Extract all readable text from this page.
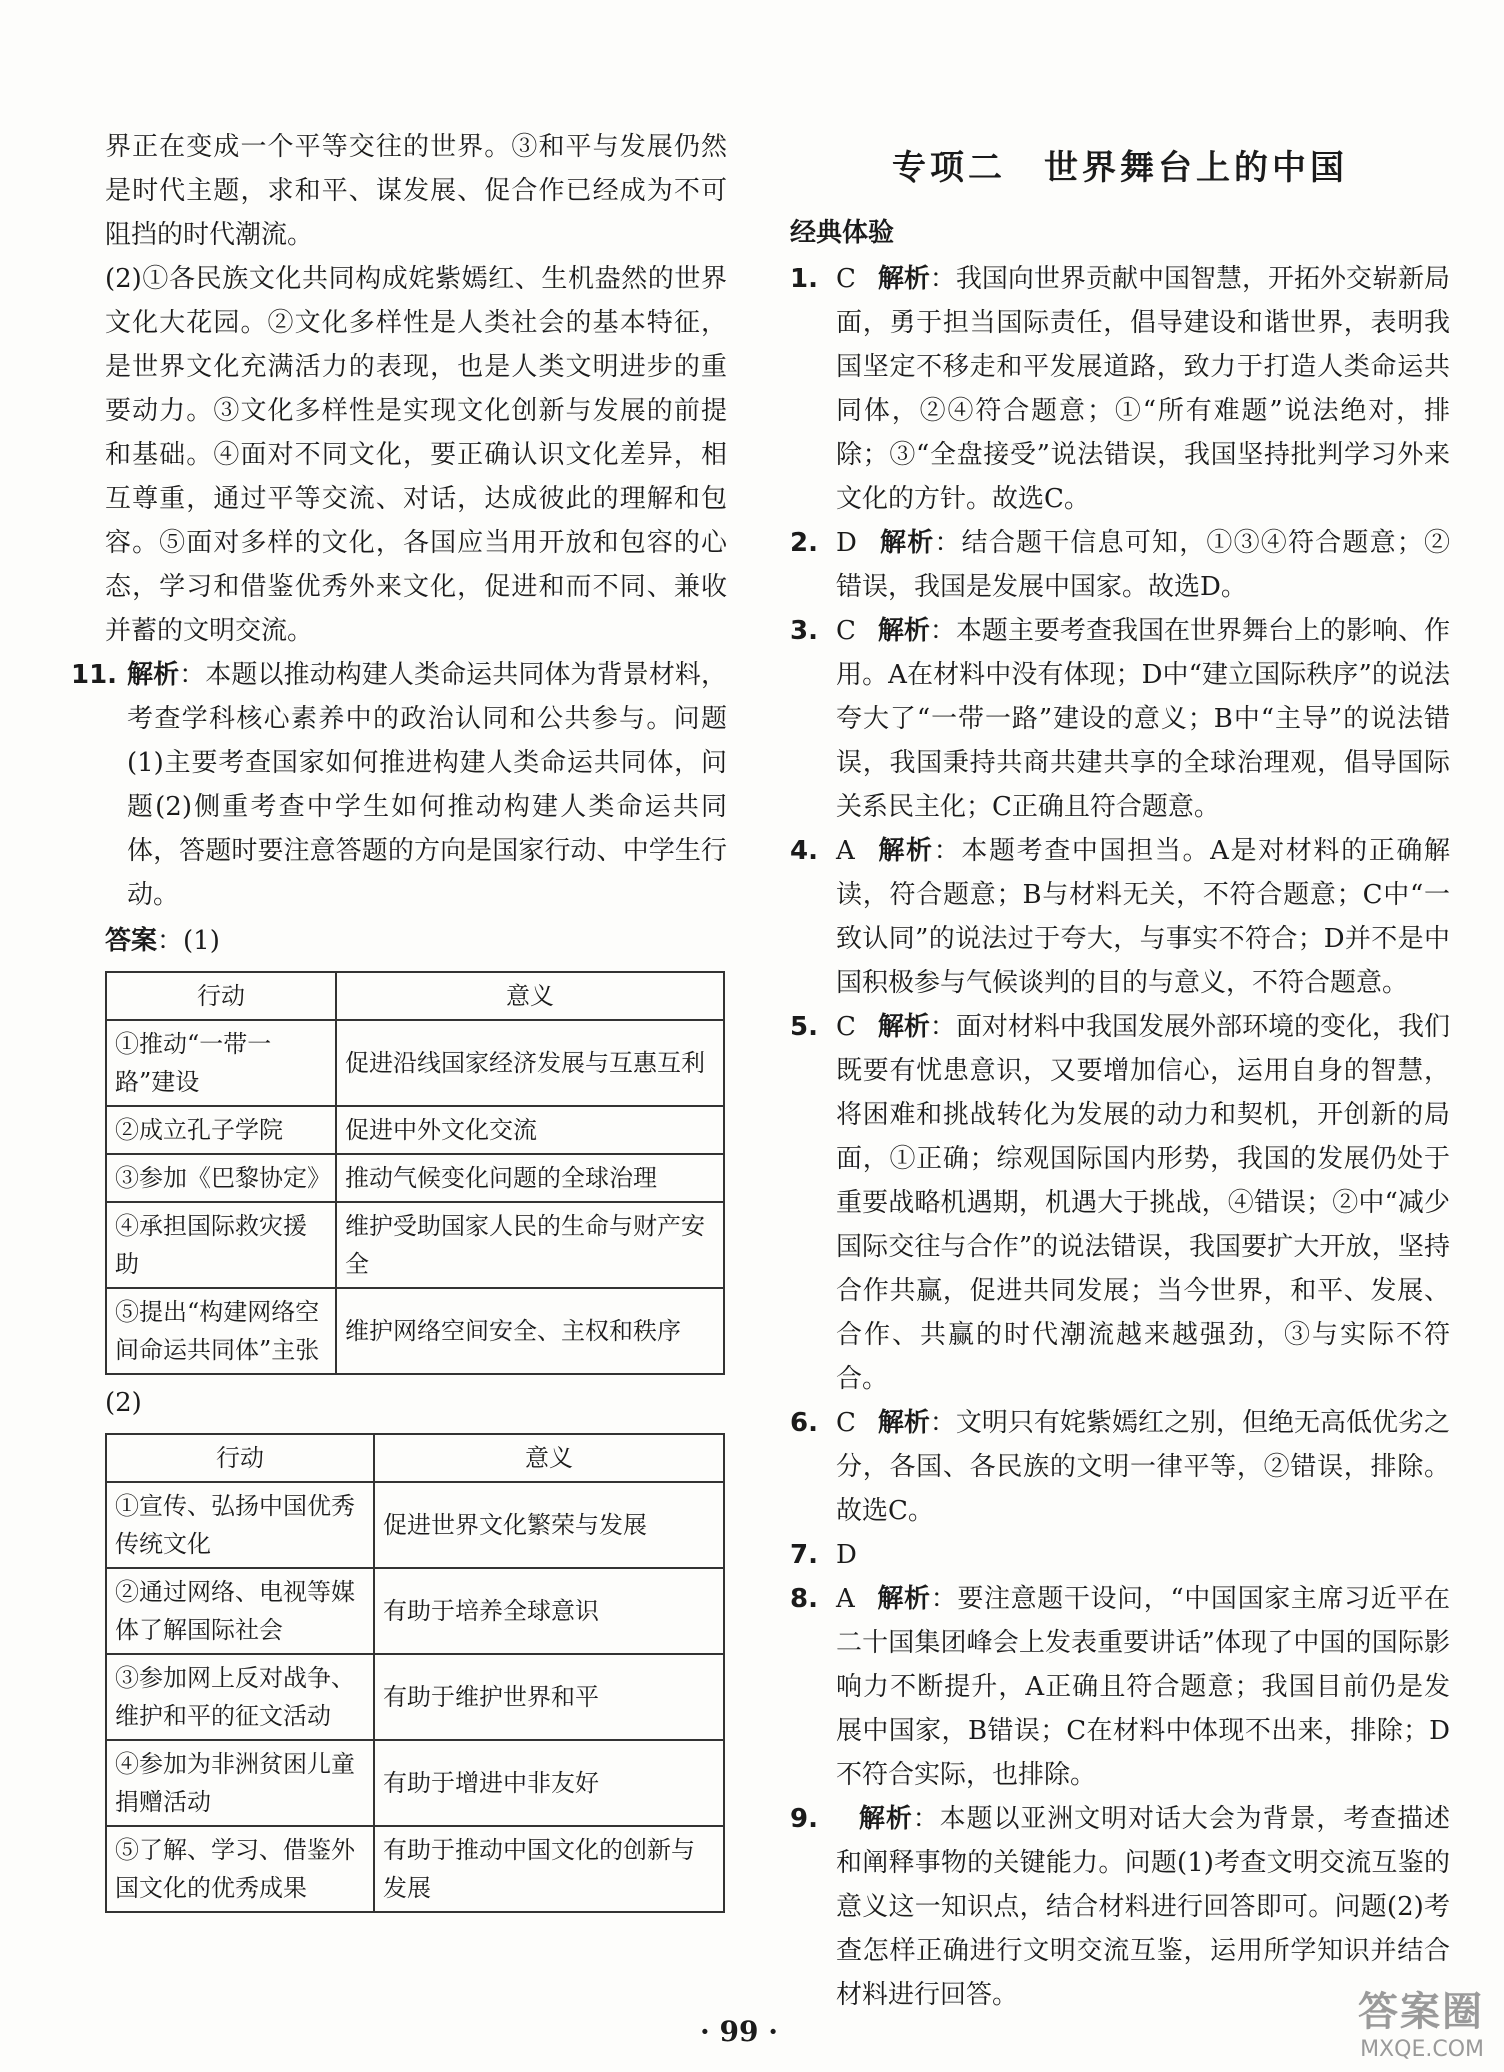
界正在变成一个平等交往的世界。③和平与发展仍然是时代主题，求和平、谋发展、促合作已经成为不可阻挡的时代潮流。

(2)①各民族文化共同构成姹紫嫣红、生机盎然的世界文化大花园。②文化多样性是人类社会的基本特征，是世界文化充满活力的表现，也是人类文明进步的重要动力。③文化多样性是实现文化创新与发展的前提和基础。④面对不同文化，要正确认识文化差异，相互尊重，通过平等交流、对话，达成彼此的理解和包容。⑤面对多样的文化，各国应当用开放和包容的心态，学习和借鉴优秀外来文化，促进和而不同、兼收并蓄的文明交流。

11. 解析：本题以推动构建人类命运共同体为背景材料，考查学科核心素养中的政治认同和公共参与。问题(1)主要考查国家如何推进构建人类命运共同体，问题(2)侧重考查中学生如何推动构建人类命运共同体，答题时要注意答题的方向是国家行动、中学生行动。
答案：(1)
行动	意义
①推动“一带一路”建设	促进沿线国家经济发展与互惠互利
②成立孔子学院	促进中外文化交流
③参加《巴黎协定》	推动气候变化问题的全球治理
④承担国际救灾援助	维护受助国家人民的生命与财产安全
⑤提出“构建网络空间命运共同体”主张	维护网络空间安全、主权和秩序
(2)
行动	意义
①宣传、弘扬中国优秀传统文化	促进世界文化繁荣与发展
②通过网络、电视等媒体了解国际社会	有助于培养全球意识
③参加网上反对战争、维护和平的征文活动	有助于维护世界和平
④参加为非洲贫困儿童捐赠活动	有助于增进中非友好
⑤了解、学习、借鉴外国文化的优秀成果	有助于推动中国文化的创新与发展
专项二　世界舞台上的中国
经典体验
1. C 解析：我国向世界贡献中国智慧，开拓外交崭新局面，勇于担当国际责任，倡导建设和谐世界，表明我国坚定不移走和平发展道路，致力于打造人类命运共同体，②④符合题意；①“所有难题”说法绝对，排除；③“全盘接受”说法错误，我国坚持批判学习外来文化的方针。故选C。
2. D 解析：结合题干信息可知，①③④符合题意；②错误，我国是发展中国家。故选D。
3. C 解析：本题主要考查我国在世界舞台上的影响、作用。A在材料中没有体现；D中“建立国际秩序”的说法夸大了“一带一路”建设的意义；B中“主导”的说法错误，我国秉持共商共建共享的全球治理观，倡导国际关系民主化；C正确且符合题意。
4. A 解析：本题考查中国担当。A是对材料的正确解读，符合题意；B与材料无关，不符合题意；C中“一致认同”的说法过于夸大，与事实不符合；D并不是中国积极参与气候谈判的目的与意义，不符合题意。
5. C 解析：面对材料中我国发展外部环境的变化，我们既要有忧患意识，又要增加信心，运用自身的智慧，将困难和挑战转化为发展的动力和契机，开创新的局面，①正确；综观国际国内形势，我国的发展仍处于重要战略机遇期，机遇大于挑战，④错误；②中“减少国际交往与合作”的说法错误，我国要扩大开放，坚持合作共赢，促进共同发展；当今世界，和平、发展、合作、共赢的时代潮流越来越强劲，③与实际不符合。
6. C 解析：文明只有姹紫嫣红之别，但绝无高低优劣之分，各国、各民族的文明一律平等，②错误，排除。故选C。
7. D
8. A 解析：要注意题干设问，“中国国家主席习近平在二十国集团峰会上发表重要讲话”体现了中国的国际影响力不断提升，A正确且符合题意；我国目前仍是发展中国家，B错误；C在材料中体现不出来，排除；D不符合实际，也排除。
9. 解析：本题以亚洲文明对话大会为背景，考查描述和阐释事物的关键能力。问题(1)考查文明交流互鉴的意义这一知识点，结合材料进行回答即可。问题(2)考查怎样正确进行文明交流互鉴，运用所学知识并结合材料进行回答。
· 99 ·	答案圈
MXQE.COM
